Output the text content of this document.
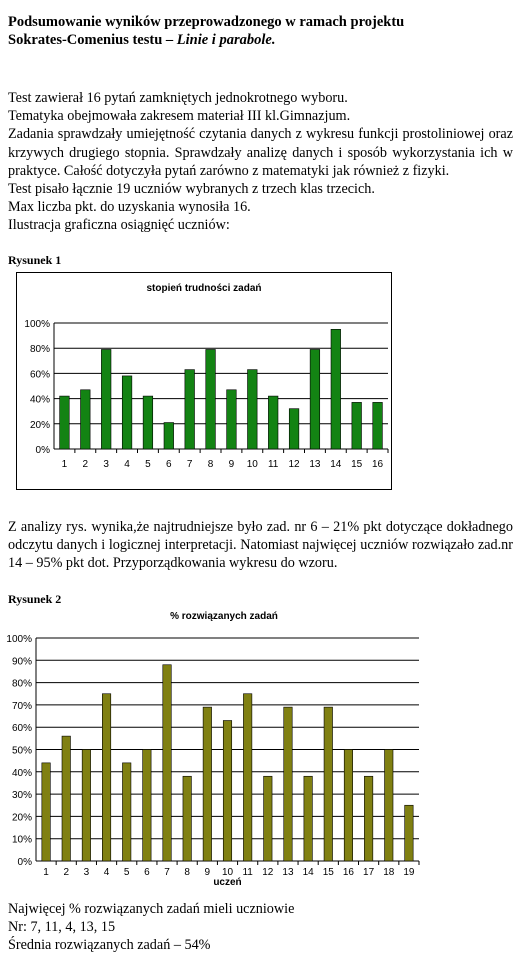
Podsumowanie wyników przeprowadzonego w ramach projektu
Sokrates-Comenius testu – Linie i parabole.

Test zawierał 16 pytań zamkniętych jednokrotnego wyboru.

Tematyka obejmowała zakresem materiał III kl.Gimnazjum.

Zadania sprawdzały umiejętność czytania danych z wykresu funkcji prostoliniowej oraz krzywych drugiego stopnia. Sprawdzały analizę danych i sposób wykorzystania ich w praktyce. Całość dotyczyła pytań zarówno z matematyki jak również z fizyki.

Test pisało łącznie 19 uczniów wybranych z trzech klas trzecich.

Max liczba pkt. do uzyskania wynosiła 16.

Ilustracja graficzna osiągnięć uczniów:

Rysunek 1
stopień trudności zadań
0%
20%
40%
60%
80%
100%
1 2 3 4 5 6 7 8 9 10 11 12 13 14 15 16
Z analizy rys. wynika,że najtrudniejsze było zad. nr 6 – 21% pkt dotyczące dokładnego odczytu danych i logicznej interpretacji. Natomiast najwięcej uczniów rozwiązało zad.nr 14 – 95% pkt dot. Przyporządkowania wykresu do wzoru.
Rysunek 2
% rozwiązanych zadań
0%
10%
20%
30%
40%
50%
60%
70%
80%
90%
100%
1 2 3 4 5 6 7 8 9 10 11 12 13 14 15 16 17 18 19
uczeń

Najwięcej % rozwiązanych zadań mieli uczniowie

Nr: 7, 11, 4, 13, 15

Średnia rozwiązanych zadań – 54%
